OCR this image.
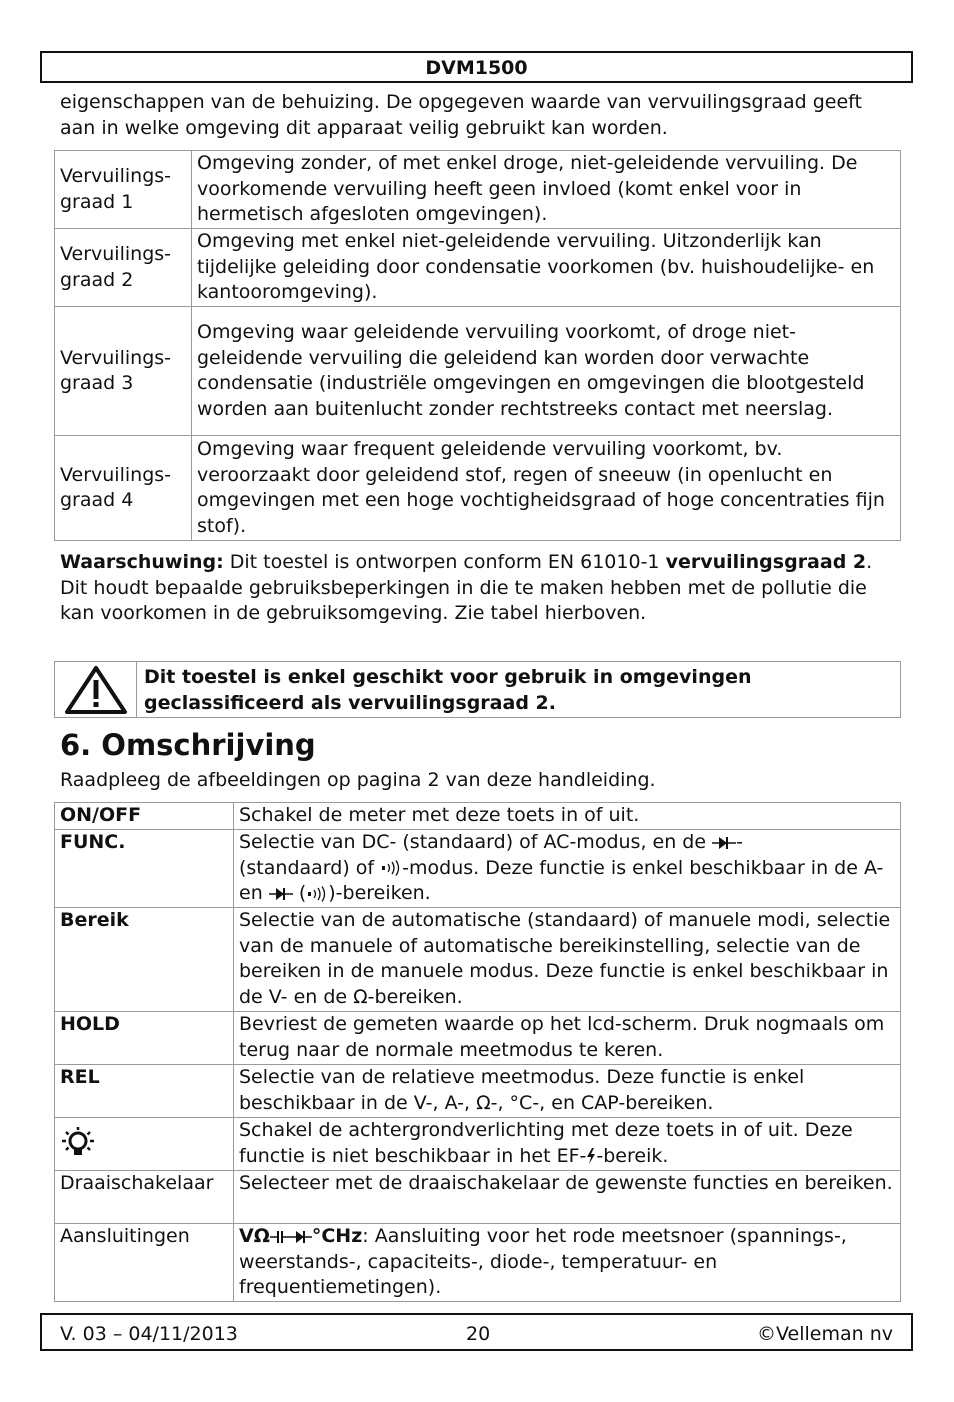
DVM1500

eigenschappen van de behuizing. De opgegeven waarde van vervuilingsgraad geeft aan in welke omgeving dit apparaat veilig gebruikt kan worden.

Vervuilings-
graad 1	Omgeving zonder, of met enkel droge, niet-geleidende vervuiling. De voorkomende vervuiling heeft geen invloed (komt enkel voor in hermetisch afgesloten omgevingen).
Vervuilings-
graad 2	Omgeving met enkel niet-geleidende vervuiling. Uitzonderlijk kan tijdelijke geleiding door condensatie voorkomen (bv. huishoudelijke- en kantooromgeving).
Vervuilings-
graad 3	Omgeving waar geleidende vervuiling voorkomt, of droge niet-geleidende vervuiling die geleidend kan worden door verwachte condensatie (industriële omgevingen en omgevingen die blootgesteld worden aan buitenlucht zonder rechtstreeks contact met neerslag.
Vervuilings-
graad 4	Omgeving waar frequent geleidende vervuiling voorkomt, bv. veroorzaakt door geleidend stof, regen of sneeuw (in openlucht en omgevingen met een hoge vochtigheidsgraad of hoge concentraties fijn stof).

Waarschuwing: Dit toestel is ontworpen conform EN 61010-1 vervuilingsgraad 2. Dit houdt bepaalde gebruiksbeperkingen in die te maken hebben met de pollutie die kan voorkomen in de gebruiksomgeving. Zie tabel hierboven.

Dit toestel is enkel geschikt voor gebruik in omgevingen geclassificeerd als vervuilingsgraad 2.
6. Omschrijving

Raadpleeg de afbeeldingen op pagina 2 van deze handleiding.

ON/OFF	Schakel de meter met deze toets in of uit.
FUNC.	Selectie van DC- (standaard) of AC-modus, en de -
(standaard) of -modus. Deze functie is enkel beschikbaar in de A- en  ( )-bereiken.
Bereik	Selectie van de automatische (standaard) of manuele modi, selectie van de manuele of automatische bereikinstelling, selectie van de bereiken in de manuele modus. Deze functie is enkel beschikbaar in de V- en de Ω-bereiken.
HOLD	Bevriest de gemeten waarde op het lcd-scherm. Druk nogmaals om terug naar de normale meetmodus te keren.
REL	Selectie van de relatieve meetmodus. Deze functie is enkel beschikbaar in de V-, A-, Ω-, °C-, en CAP-bereiken.

	Schakel de achtergrondverlichting met deze toets in of uit. Deze functie is niet beschikbaar in het EF- -bereik.
Draaischakelaar	Selecteer met de draaischakelaar de gewenste functies en bereiken.
Aansluitingen	VΩ °CHz: Aansluiting voor het rode meetsnoer (spannings-, weerstands-, capaciteits-, diode-, temperatuur- en frequentiemetingen).
V. 03 – 04/11/2013	20	©Velleman nv
